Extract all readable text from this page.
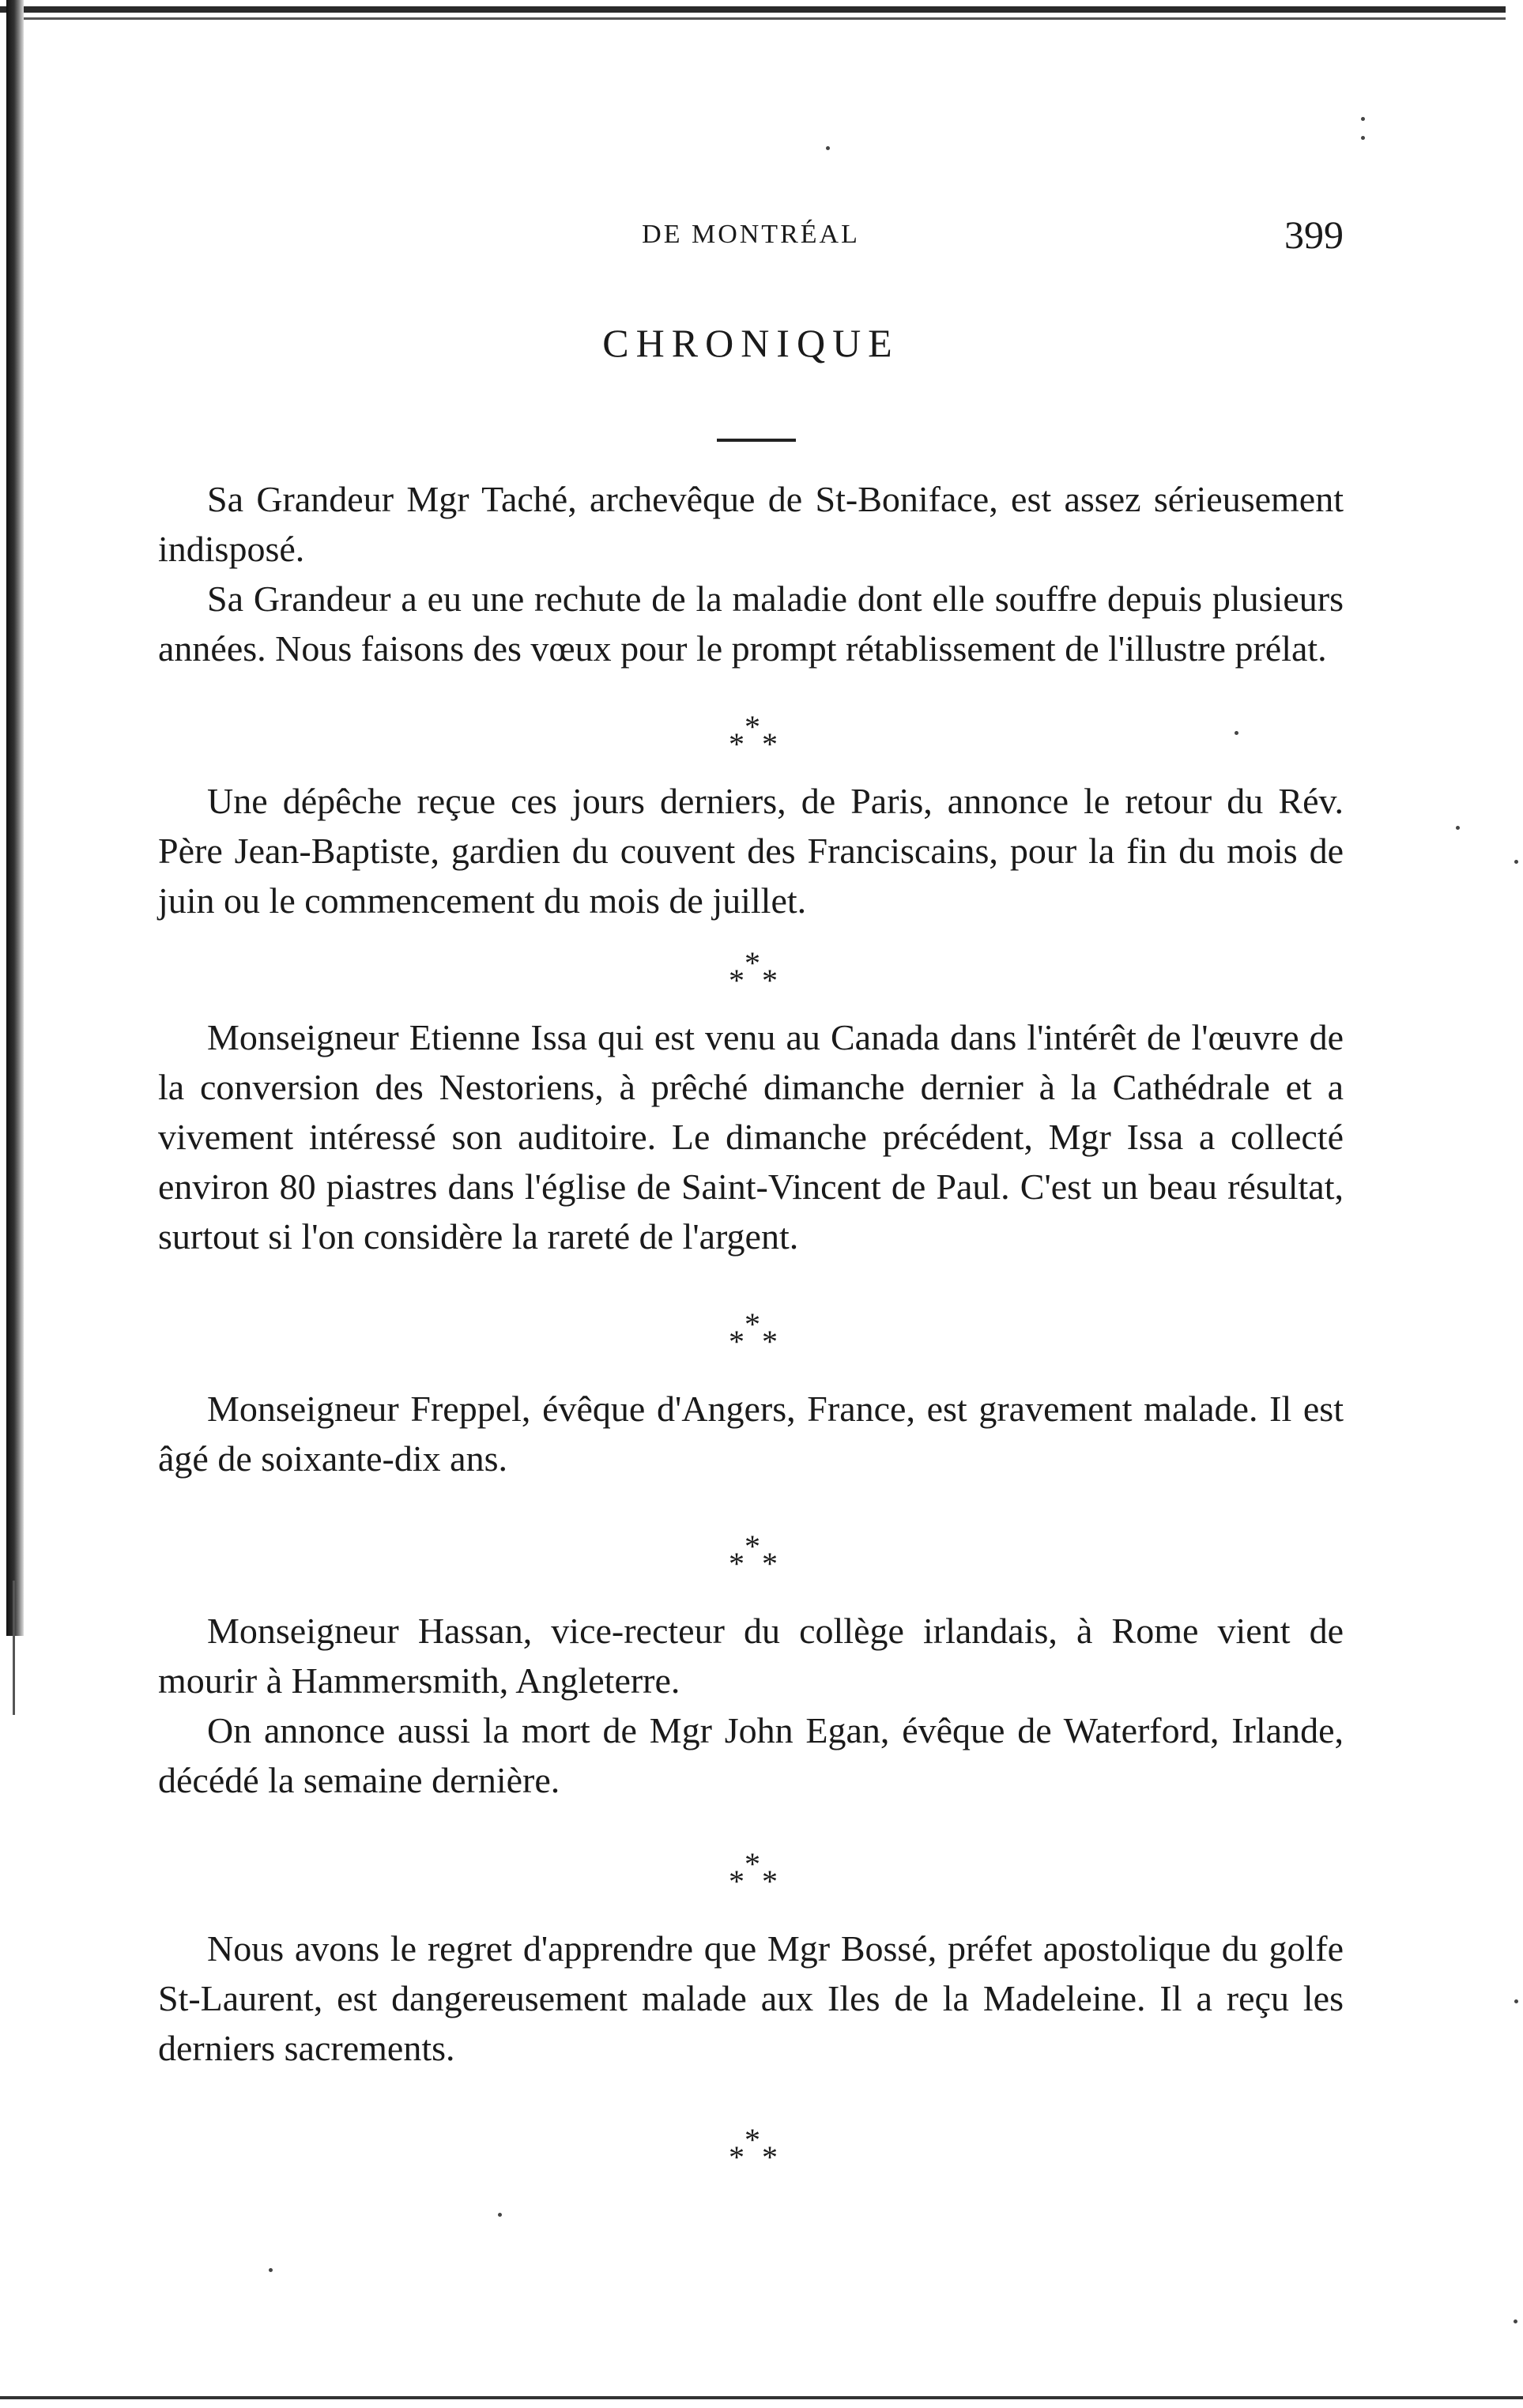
DE MONTRÉAL	399
CHRONIQUE

Sa Grandeur Mgr Taché, archevêque de St-Boniface, est assez sérieusement indisposé.

Sa Grandeur a eu une rechute de la maladie dont elle souffre depuis plusieurs années. Nous faisons des vœux pour le prompt rétablissement de l'illustre prélat.

*
* *

Une dépêche reçue ces jours derniers, de Paris, annonce le retour du Rév. Père Jean-Baptiste, gardien du couvent des Franciscains, pour la fin du mois de juin ou le commencement du mois de juillet.

*
* *

Monseigneur Etienne Issa qui est venu au Canada dans l'intérêt de l'œuvre de la conversion des Nestoriens, à prêché dimanche dernier à la Cathédrale et a vivement intéressé son auditoire. Le dimanche précédent, Mgr Issa a collecté environ 80 piastres dans l'église de Saint-Vincent de Paul. C'est un beau résultat, surtout si l'on considère la rareté de l'argent.

*
* *

Monseigneur Freppel, évêque d'Angers, France, est gravement malade. Il est âgé de soixante-dix ans.

*
* *

Monseigneur Hassan, vice-recteur du collège irlandais, à Rome vient de mourir à Hammersmith, Angleterre.

On annonce aussi la mort de Mgr John Egan, évêque de Waterford, Irlande, décédé la semaine dernière.

*
* *

Nous avons le regret d'apprendre que Mgr Bossé, préfet apostolique du golfe St-Laurent, est dangereusement malade aux Iles de la Madeleine. Il a reçu les derniers sacrements.

*
* *
